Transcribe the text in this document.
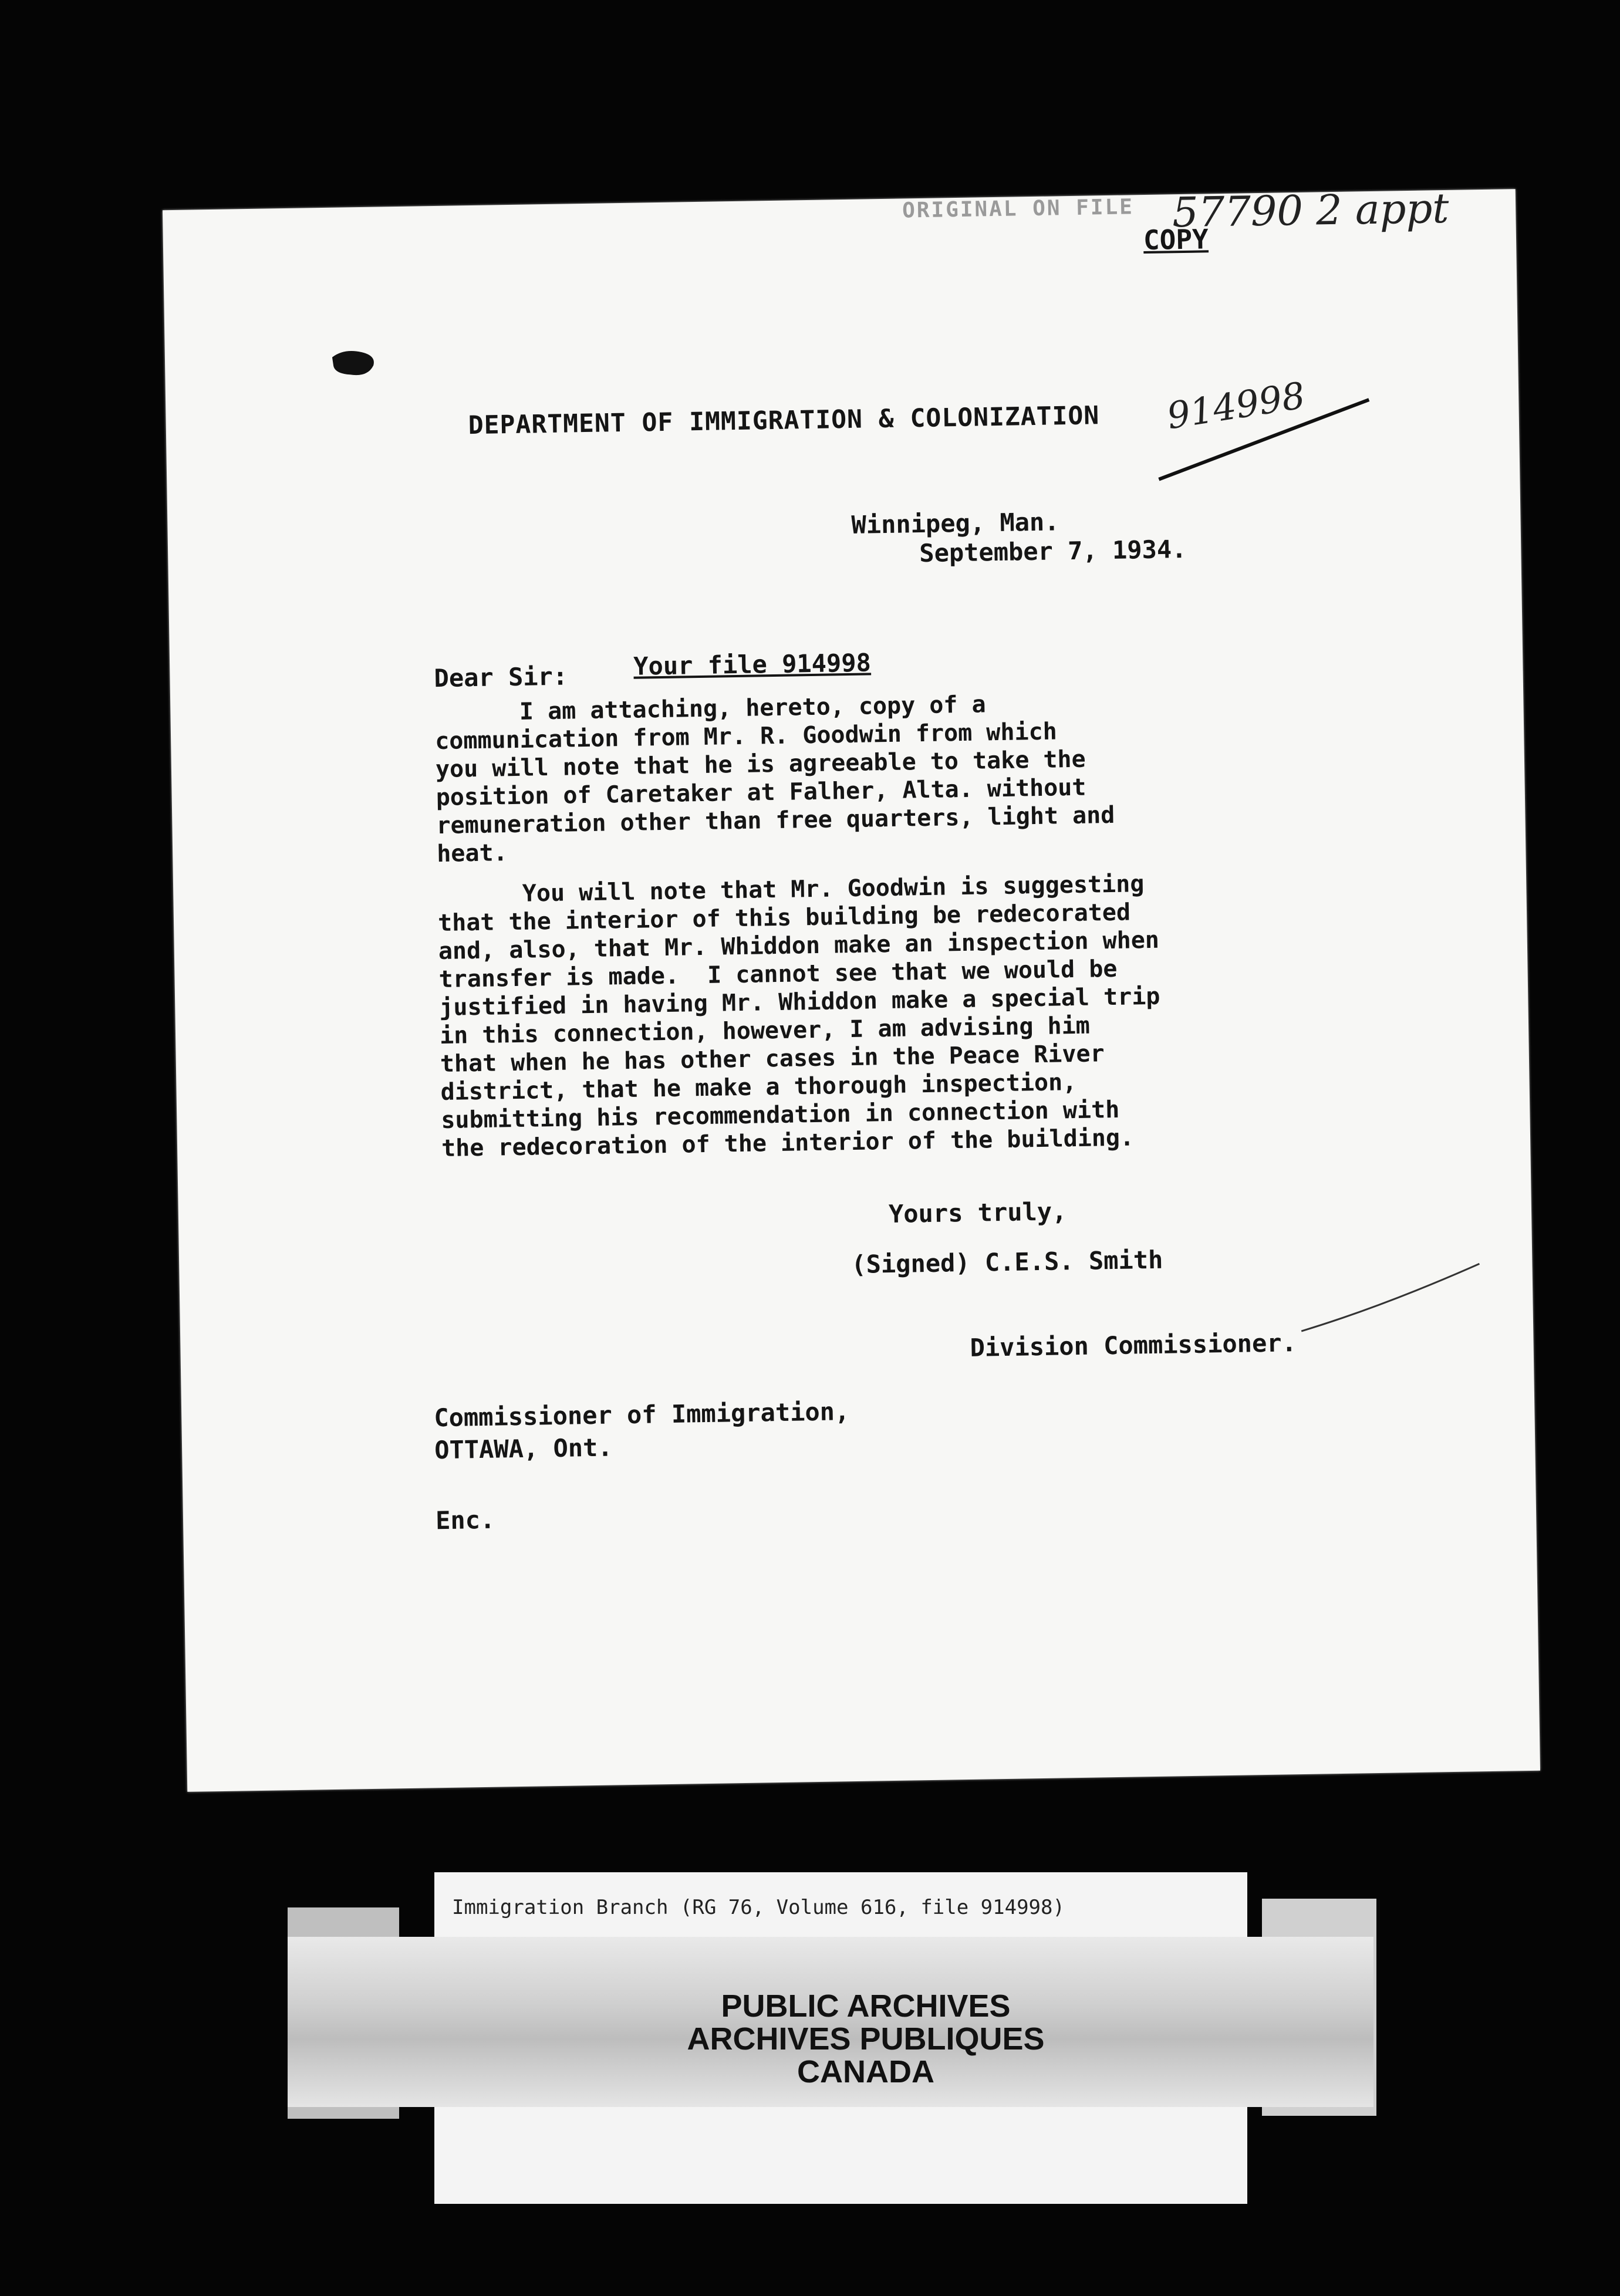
ORIGINAL ON FILE 57790 2 appt
COPY
DEPARTMENT OF IMMIGRATION & COLONIZATION 914998
Winnipeg, Man.
September 7, 1934.
Dear Sir:	Your file 914998

I am attaching, hereto, copy of a
communication from Mr. R. Goodwin from which
you will note that he is agreeable to take the
position of Caretaker at Falher, Alta. without
remuneration other than free quarters, light and
heat.

You will note that Mr. Goodwin is suggesting
that the interior of this building be redecorated
and, also, that Mr. Whiddon make an inspection when
transfer is made.  I cannot see that we would be
justified in having Mr. Whiddon make a special trip
in this connection, however, I am advising him
that when he has other cases in the Peace River
district, that he make a thorough inspection,
submitting his recommendation in connection with
the redecoration of the interior of the building.

Yours truly,
(Signed) C.E.S. Smith
Division Commissioner.
Commissioner of Immigration,
OTTAWA, Ont.
Enc.
Immigration Branch (RG 76, Volume 616, file 914998)
PUBLIC ARCHIVES
ARCHIVES PUBLIQUES
CANADA
